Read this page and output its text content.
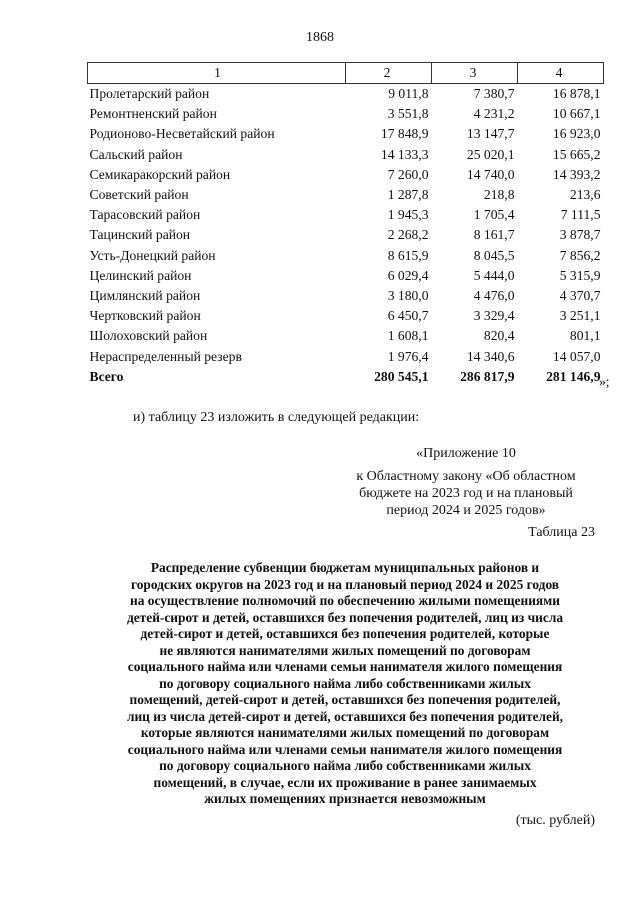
1868
1	2	3	4
Пролетарский район	9 011,8	7 380,7	16 878,1
Ремонтненский район	3 551,8	4 231,2	10 667,1
Родионово-Несветайский район	17 848,9	13 147,7	16 923,0
Сальский район	14 133,3	25 020,1	15 665,2
Семикаракорский район	7 260,0	14 740,0	14 393,2
Советский район	1 287,8	218,8	213,6
Тарасовский район	1 945,3	1 705,4	7 111,5
Тацинский район	2 268,2	8 161,7	3 878,7
Усть-Донецкий район	8 615,9	8 045,5	7 856,2
Целинский район	6 029,4	5 444,0	5 315,9
Цимлянский район	3 180,0	4 476,0	4 370,7
Чертковский район	6 450,7	3 329,4	3 251,1
Шолоховский район	1 608,1	820,4	801,1
Нераспределенный резерв	1 976,4	14 340,6	14 057,0
Всего	280 545,1	286 817,9	281 146,9
»;
и) таблицу 23 изложить в следующей редакции:
«Приложение 10
к Областному закону «Об областном
бюджете на 2023 год и на плановый
период 2024 и 2025 годов»
Таблица 23
Распределение субвенции бюджетам муниципальных районов и
городских округов на 2023 год и на плановый период 2024 и 2025 годов
на осуществление полномочий по обеспечению жилыми помещениями
детей-сирот и детей, оставшихся без попечения родителей, лиц из числа
детей-сирот и детей, оставшихся без попечения родителей, которые
не являются нанимателями жилых помещений по договорам
социального найма или членами семьи нанимателя жилого помещения
по договору социального найма либо собственниками жилых
помещений, детей-сирот и детей, оставшихся без попечения родителей,
лиц из числа детей-сирот и детей, оставшихся без попечения родителей,
которые являются нанимателями жилых помещений по договорам
социального найма или членами семьи нанимателя жилого помещения
по договору социального найма либо собственниками жилых
помещений, в случае, если их проживание в ранее занимаемых
жилых помещениях признается невозможным
(тыс. рублей)
